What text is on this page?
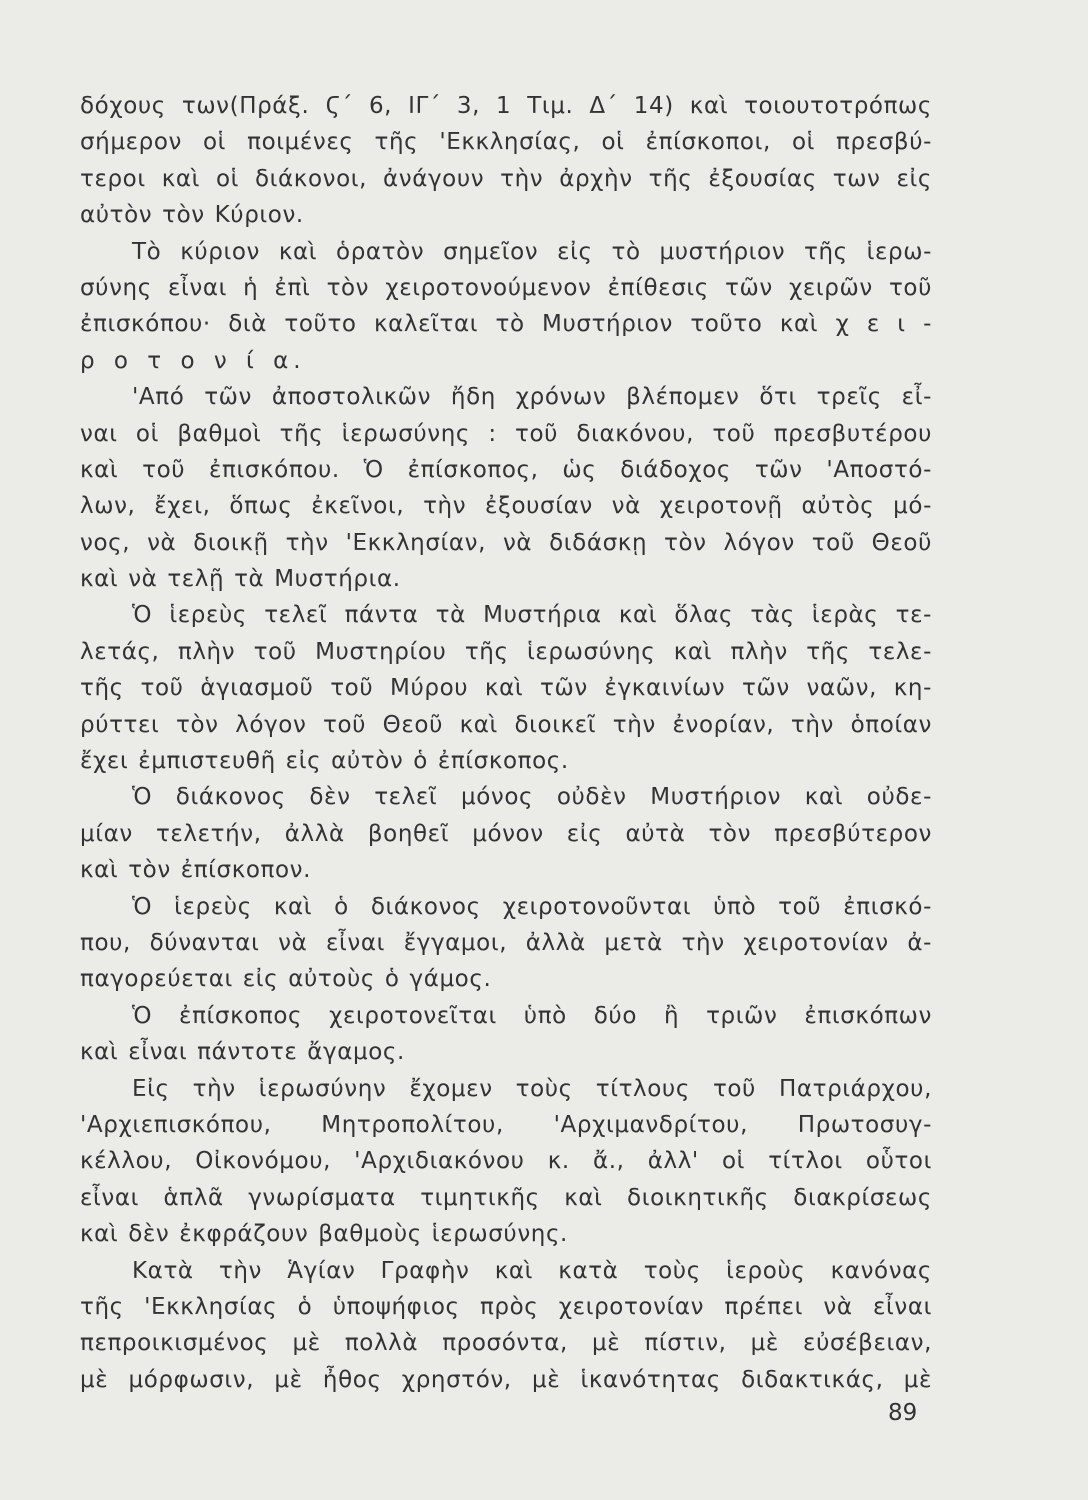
δόχους των(Πράξ. Ϛ΄ 6, ΙΓ΄ 3, 1 Τιμ. Δ΄ 14) καὶ τοιουτοτρόπως
σήμερον οἱ ποιμένες τῆς 'Εκκλησίας, οἱ ἐπίσκοποι, οἱ πρεσβύ-
τεροι καὶ οἱ διάκονοι, ἀνάγουν τὴν ἀρχὴν τῆς ἐξουσίας των εἰς
αὐτὸν τὸν Κύριον.
Τὸ κύριον καὶ ὁρατὸν σημεῖον εἰς τὸ μυστήριον τῆς ἱερω-
σύνης εἶναι ἡ ἐπὶ τὸν χειροτονούμενον ἐπίθεσις τῶν χειρῶν τοῦ
ἐπισκόπου· διὰ τοῦτο καλεῖται τὸ Μυστήριον τοῦτο καὶ χ ε ι -
ρ ο τ ο ν ί α.
'Από τῶν ἀποστολικῶν ἤδη χρόνων βλέπομεν ὅτι τρεῖς εἶ-
ναι οἱ βαθμοὶ τῆς ἱερωσύνης : τοῦ διακόνου, τοῦ πρεσβυτέρου
καὶ τοῦ ἐπισκόπου. Ὁ ἐπίσκοπος, ὡς διάδοχος τῶν 'Αποστό-
λων, ἔχει, ὅπως ἐκεῖνοι, τὴν ἐξουσίαν νὰ χειροτονῇ αὐτὸς μό-
νος, νὰ διοικῇ τὴν 'Εκκλησίαν, νὰ διδάσκῃ τὸν λόγον τοῦ Θεοῦ
καὶ νὰ τελῇ τὰ Μυστήρια.
Ὁ ἱερεὺς τελεῖ πάντα τὰ Μυστήρια καὶ ὅλας τὰς ἱερὰς τε-
λετάς, πλὴν τοῦ Μυστηρίου τῆς ἱερωσύνης καὶ πλὴν τῆς τελε-
τῆς τοῦ ἁγιασμοῦ τοῦ Μύρου καὶ τῶν ἐγκαινίων τῶν ναῶν, κη-
ρύττει τὸν λόγον τοῦ Θεοῦ καὶ διοικεῖ τὴν ἐνορίαν, τὴν ὁποίαν
ἔχει ἐμπιστευθῆ εἰς αὐτὸν ὁ ἐπίσκοπος.
Ὁ διάκονος δὲν τελεῖ μόνος οὐδὲν Μυστήριον καὶ οὐδε-
μίαν τελετήν, ἀλλὰ βοηθεῖ μόνον εἰς αὐτὰ τὸν πρεσβύτερον
καὶ τὸν ἐπίσκοπον.
Ὁ ἱερεὺς καὶ ὁ διάκονος χειροτονοῦνται ὑπὸ τοῦ ἐπισκό-
που, δύνανται νὰ εἶναι ἔγγαμοι, ἀλλὰ μετὰ τὴν χειροτονίαν ἀ-
παγορεύεται εἰς αὐτοὺς ὁ γάμος.
Ὁ ἐπίσκοπος χειροτονεῖται ὑπὸ δύο ἢ τριῶν ἐπισκόπων
καὶ εἶναι πάντοτε ἄγαμος.
Εἰς τὴν ἱερωσύνην ἔχομεν τοὺς τίτλους τοῦ Πατριάρχου,
'Αρχιεπισκόπου, Μητροπολίτου, 'Αρχιμανδρίτου, Πρωτοσυγ-
κέλλου, Οἰκονόμου, 'Αρχιδιακόνου κ. ἄ., ἀλλ' οἱ τίτλοι οὗτοι
εἶναι ἁπλᾶ γνωρίσματα τιμητικῆς καὶ διοικητικῆς διακρίσεως
καὶ δὲν ἐκφράζουν βαθμοὺς ἱερωσύνης.
Κατὰ τὴν Ἁγίαν Γραφὴν καὶ κατὰ τοὺς ἱεροὺς κανόνας
τῆς 'Εκκλησίας ὁ ὑποψήφιος πρὸς χειροτονίαν πρέπει νὰ εἶναι
πεπροικισμένος μὲ πολλὰ προσόντα, μὲ πίστιν, μὲ εὐσέβειαν,
μὲ μόρφωσιν, μὲ ἦθος χρηστόν, μὲ ἱκανότητας διδακτικάς, μὲ
89
